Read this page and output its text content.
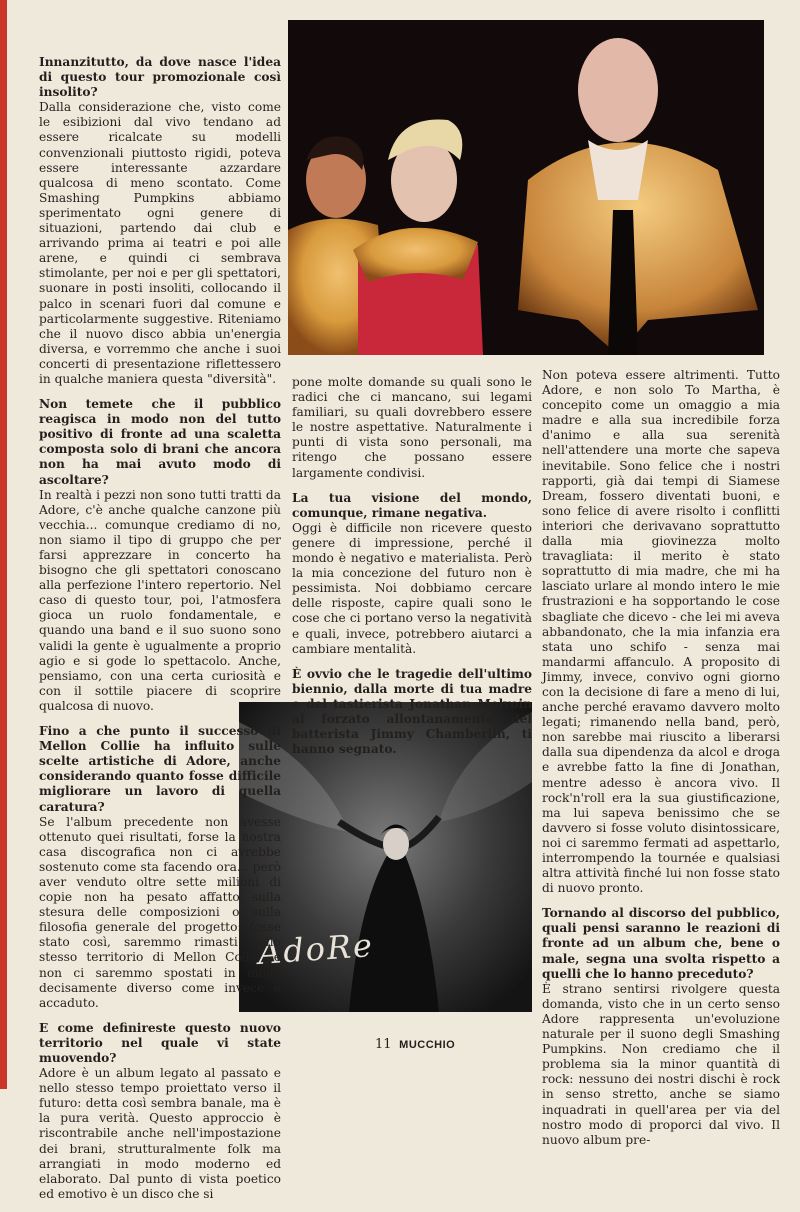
AdoRe

Innanzitutto, da dove nasce l'idea di questo tour promozionale così insolito?

Dalla considerazione che, visto come le esibizioni dal vivo tendano ad essere ricalcate su modelli convenzionali piuttosto rigidi, poteva essere interessante azzardare qualcosa di meno scontato. Come Smashing Pumpkins abbiamo sperimentato ogni genere di situazioni, partendo dai club e arrivando prima ai teatri e poi alle arene, e quindi ci sembrava stimolante, per noi e per gli spettatori, suonare in posti insoliti, collocando il palco in scenari fuori dal comune e particolarmente suggestive. Riteniamo che il nuovo disco abbia un'energia diversa, e vorremmo che anche i suoi concerti di presentazione riflettessero in qualche maniera questa "diversità".

Non temete che il pubblico reagisca in modo non del tutto positivo di fronte ad una scaletta composta solo di brani che ancora non ha mai avuto modo di ascoltare?

In realtà i pezzi non sono tutti tratti da Adore, c'è anche qualche canzone più vecchia... comunque crediamo di no, non siamo il tipo di gruppo che per farsi apprezzare in concerto ha bisogno che gli spettatori conoscano alla perfezione l'intero repertorio. Nel caso di questo tour, poi, l'atmosfera gioca un ruolo fondamentale, e quando una band e il suo suono sono validi la gente è ugualmente a proprio agio e si gode lo spettacolo. Anche, pensiamo, con una certa curiosità e con il sottile piacere di scoprire qualcosa di nuovo.

Fino a che punto il successo di Mellon Collie ha influito sulle scelte artistiche di Adore, anche considerando quanto fosse difficile migliorare un lavoro di quella caratura?

Se l'album precedente non avesse ottenuto quei risultati, forse la nostra casa discografica non ci avrebbe sostenuto come sta facendo ora... però aver venduto oltre sette milioni di copie non ha pesato affatto sulla stesura delle composizioni o sulla filosofia generale del progetto: fosse stato così, saremmo rimasti nello stesso territorio di Mellon Collie, e non ci saremmo spostati in modo decisamente diverso come invece è accaduto.

E come definireste questo nuovo territorio nel quale vi state muovendo?

Adore è un album legato al passato e nello stesso tempo proiettato verso il futuro: detta così sembra banale, ma è la pura verità. Questo approccio è riscontrabile anche nell'impostazione dei brani, strutturalmente folk ma arrangiati in modo moderno ed elaborato. Dal punto di vista poetico ed emotivo è un disco che si

pone molte domande su quali sono le radici che ci mancano, sui legami familiari, su quali dovrebbero essere le nostre aspettative. Naturalmente i punti di vista sono personali, ma ritengo che possano essere largamente condivisi.

La tua visione del mondo, comunque, rimane negativa.

Oggi è difficile non ricevere questo genere di impressione, perché il mondo è negativo e materialista. Però la mia concezione del futuro non è pessimista. Noi dobbiamo cercare delle risposte, capire quali sono le cose che ci portano verso la negatività e quali, invece, potrebbero aiutarci a cambiare mentalità.

È ovvio che le tragedie dell'ultimo biennio, dalla morte di tua madre e del tastierista Jonathan Melvoin al forzato allontanamento del batterista Jimmy Chamberlin, ti hanno segnato.

Non poteva essere altrimenti. Tutto Adore, e non solo To Martha, è concepito come un omaggio a mia madre e alla sua incredibile forza d'animo e alla sua serenità nell'attendere una morte che sapeva inevitabile. Sono felice che i nostri rapporti, già dai tempi di Siamese Dream, fossero diventati buoni, e sono felice di avere risolto i conflitti interiori che derivavano soprattutto dalla mia giovinezza molto travagliata: il merito è stato soprattutto di mia madre, che mi ha lasciato urlare al mondo intero le mie frustrazioni e ha sopportando le cose sbagliate che dicevo - che lei mi aveva abbandonato, che la mia infanzia era stata uno schifo - senza mai mandarmi affanculo. A proposito di Jimmy, invece, convivo ogni giorno con la decisione di fare a meno di lui, anche perché eravamo davvero molto legati; rimanendo nella band, però, non sarebbe mai riuscito a liberarsi dalla sua dipendenza da alcol e droga e avrebbe fatto la fine di Jonathan, mentre adesso è ancora vivo. Il rock'n'roll era la sua giustificazione, ma lui sapeva benissimo che se davvero si fosse voluto disintossicare, noi ci saremmo fermati ad aspettarlo, interrompendo la tournée e qualsiasi altra attività finché lui non fosse stato di nuovo pronto.

Tornando al discorso del pubblico, quali pensi saranno le reazioni di fronte ad un album che, bene o male, segna una svolta rispetto a quelli che lo hanno preceduto?

È strano sentirsi rivolgere questa domanda, visto che in un certo senso Adore rappresenta un'evoluzione naturale per il suono degli Smashing Pumpkins. Non crediamo che il problema sia la minor quantità di rock: nessuno dei nostri dischi è rock in senso stretto, anche se siamo inquadrati in quell'area per via del nostro modo di proporci dal vivo. Il nuovo album pre-

11 MUCCHIO
